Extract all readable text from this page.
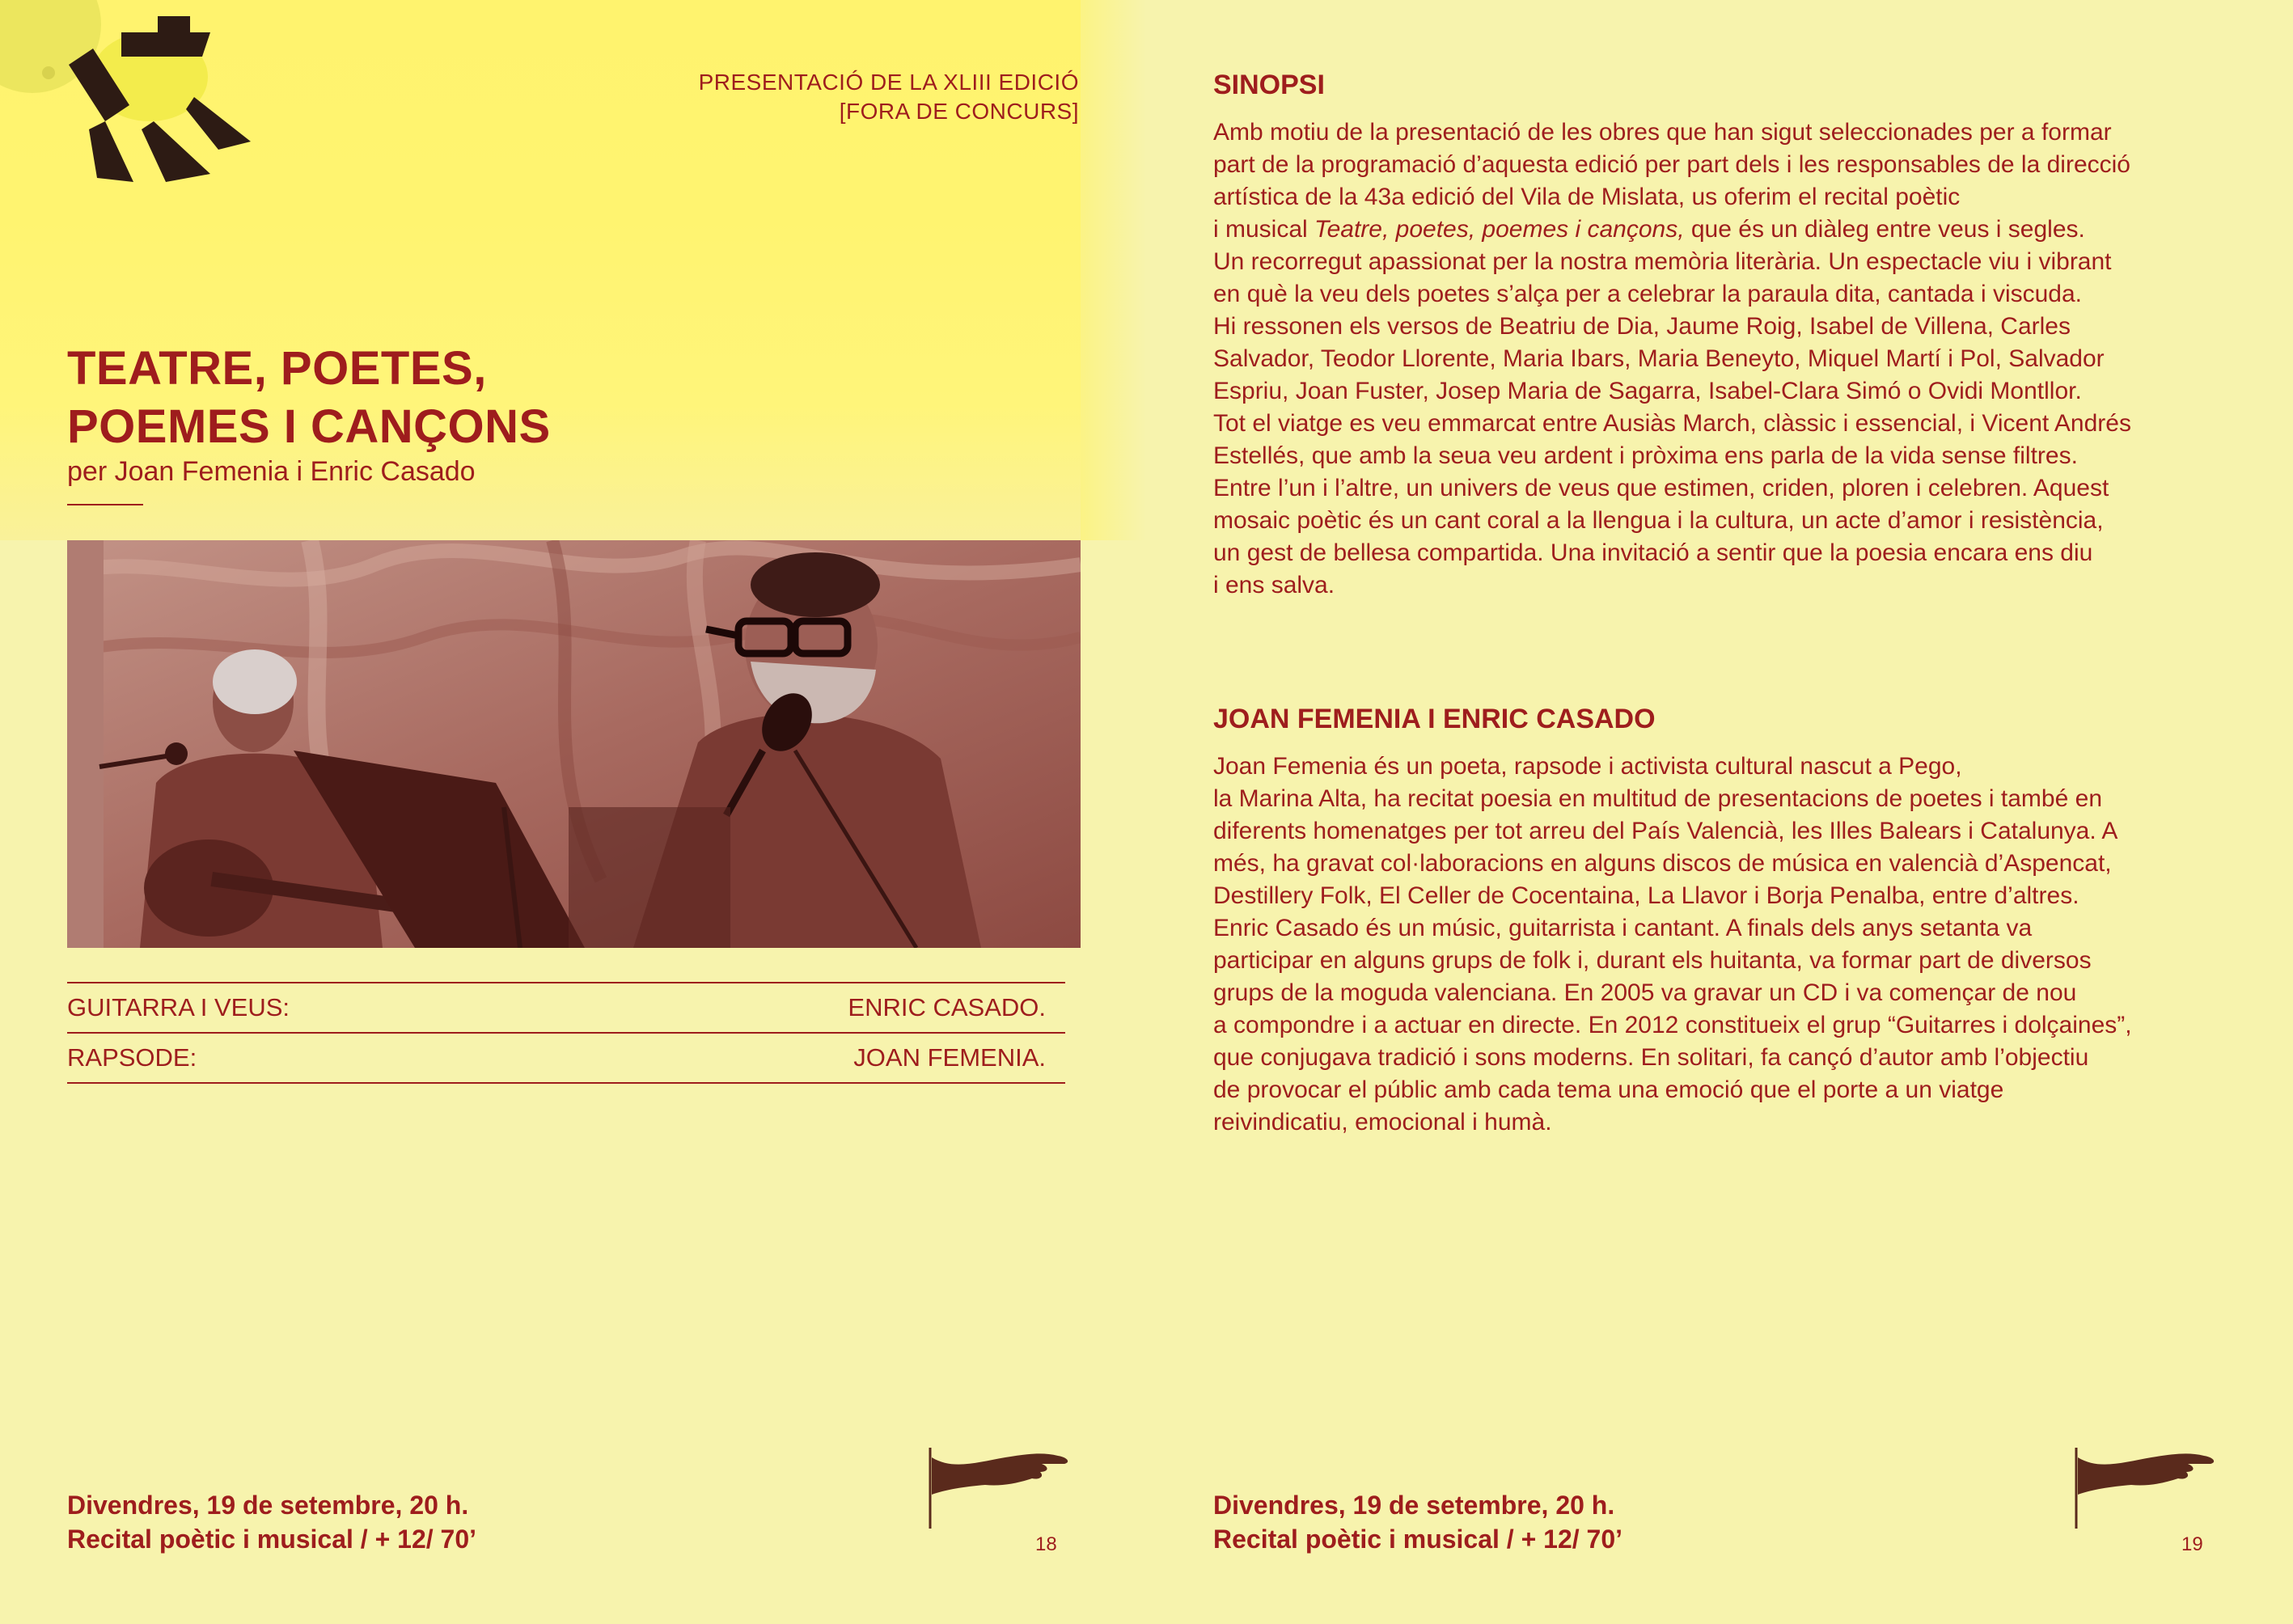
PRESENTACIÓ DE LA XLIII EDICIÓ
[FORA DE CONCURS]
TEATRE, POETES,
POEMES I CANÇONS
per Joan Femenia i Enric Casado
GUITARRA I VEUS:	ENRIC CASADO.
RAPSODE:	JOAN FEMENIA.
Divendres, 19 de setembre, 20 h.
Recital poètic i musical / + 12/ 70’	18
SINOPSI

Amb motiu de la presentació de les obres que han sigut seleccionades per a formar

part de la programació d’aquesta edició per part dels i les responsables de la direcció

artística de la 43a edició del Vila de Mislata, us oferim el recital poètic

i musical Teatre, poetes, poemes i cançons, que és un diàleg entre veus i segles.

Un recorregut apassionat per la nostra memòria literària. Un espectacle viu i vibrant

en què la veu dels poetes s’alça per a celebrar la paraula dita, cantada i viscuda.

Hi ressonen els versos de Beatriu de Dia, Jaume Roig, Isabel de Villena, Carles

Salvador, Teodor Llorente, Maria Ibars, Maria Beneyto, Miquel Martí i Pol, Salvador

Espriu, Joan Fuster, Josep Maria de Sagarra, Isabel-Clara Simó o Ovidi Montllor.

Tot el viatge es veu emmarcat entre Ausiàs March, clàssic i essencial, i Vicent Andrés

Estellés, que amb la seua veu ardent i pròxima ens parla de la vida sense filtres.

Entre l’un i l’altre, un univers de veus que estimen, criden, ploren i celebren. Aquest

mosaic poètic és un cant coral a la llengua i la cultura, un acte d’amor i resistència,

un gest de bellesa compartida. Una invitació a sentir que la poesia encara ens diu

i ens salva.

JOAN FEMENIA I ENRIC CASADO

Joan Femenia és un poeta, rapsode i activista cultural nascut a Pego,

la Marina Alta, ha recitat poesia en multitud de presentacions de poetes i també en

diferents homenatges per tot arreu del País Valencià, les Illes Balears i Catalunya. A

més, ha gravat col·laboracions en alguns discos de música en valencià d’Aspencat,

Destillery Folk, El Celler de Cocentaina, La Llavor i Borja Penalba, entre d’altres.

Enric Casado és un músic, guitarrista i cantant. A finals dels anys setanta va

participar en alguns grups de folk i, durant els huitanta, va formar part de diversos

grups de la moguda valenciana. En 2005 va gravar un CD i va començar de nou

a compondre i a actuar en directe. En 2012 constitueix el grup “Guitarres i dolçaines”,

que conjugava tradició i sons moderns. En solitari, fa cançó d’autor amb l’objectiu

de provocar el públic amb cada tema una emoció que el porte a un viatge

reivindicatiu, emocional i humà.

Divendres, 19 de setembre, 20 h.
Recital poètic i musical / + 12/ 70’	19
